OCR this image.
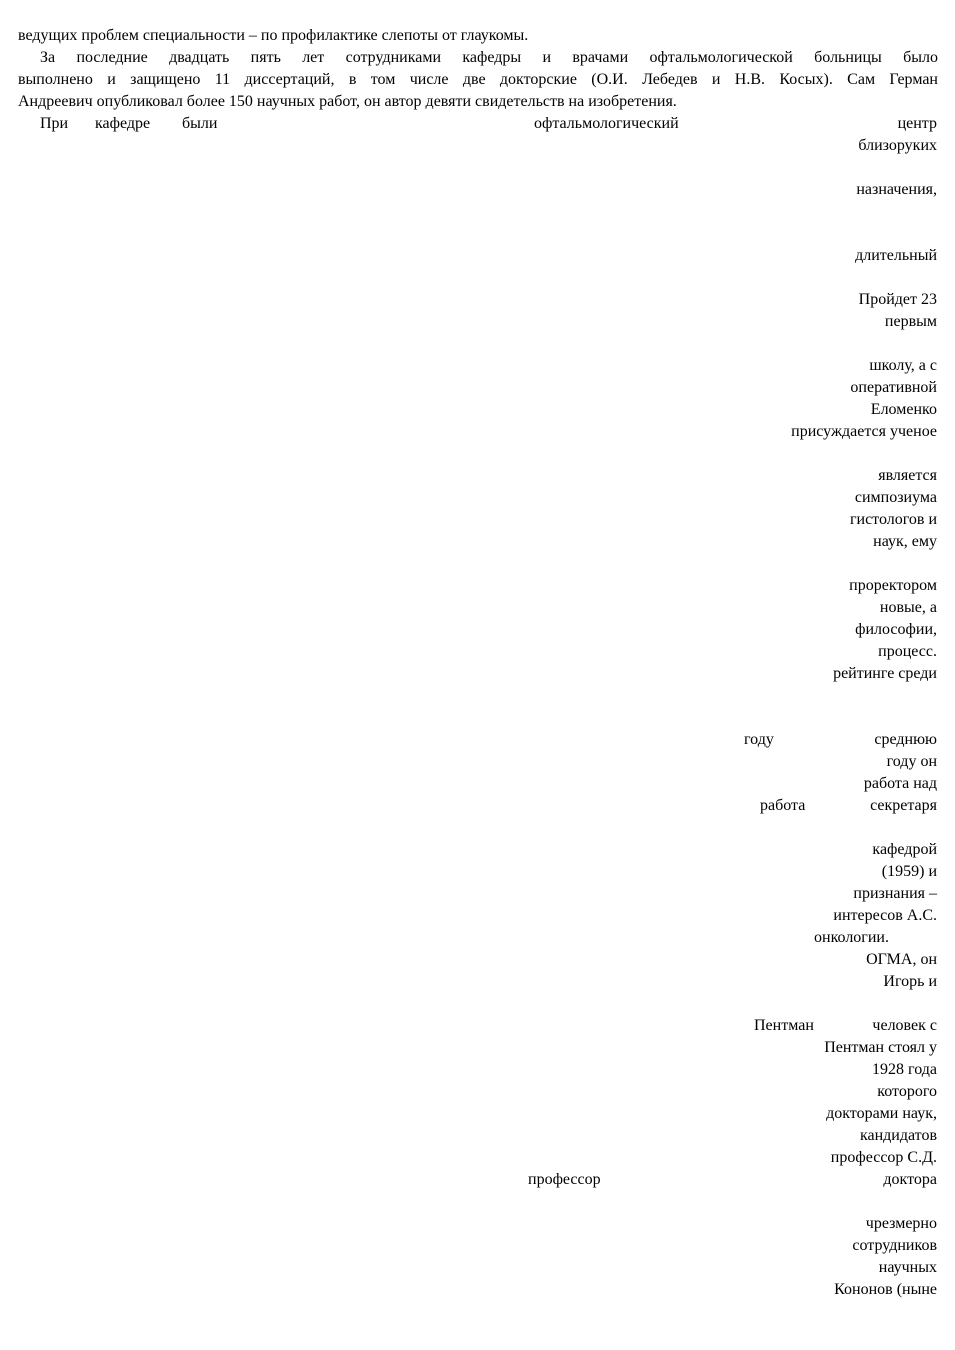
ведущих проблем специальности – по профилактике слепоты от глаукомы.
За последние двадцать пять лет сотрудниками кафедры и врачами офтальмологической больницы было
выполнено и защищено 11 диссертаций, в том числе две докторские (О.И. Лебедев и Н.В. Косых). Сам Герман
Андреевич опубликовал более 150 научных работ, он автор девяти свидетельств на изобретения.
При кафедре были	офтальмологический	центр
близоруких
назначения,
длительный
Пройдет 23
первым
школу, а с
оперативной
Еломенко
присуждается ученое
является
симпозиума
гистологов и
наук, ему
проректором
новые, а
философии,
процесс.
рейтинге среди
году	среднюю
году он
работа над
работа	секретаря
кафедрой
(1959) и
признания –
интересов А.С.
онкологии.
ОГМА, он
Игорь и
Пентман	человек с
Пентман стоял у
1928 года
которого
докторами наук,
кандидатов
профессор С.Д.
профессор	доктора
чрезмерно
сотрудников
научных
Кононов (ныне
